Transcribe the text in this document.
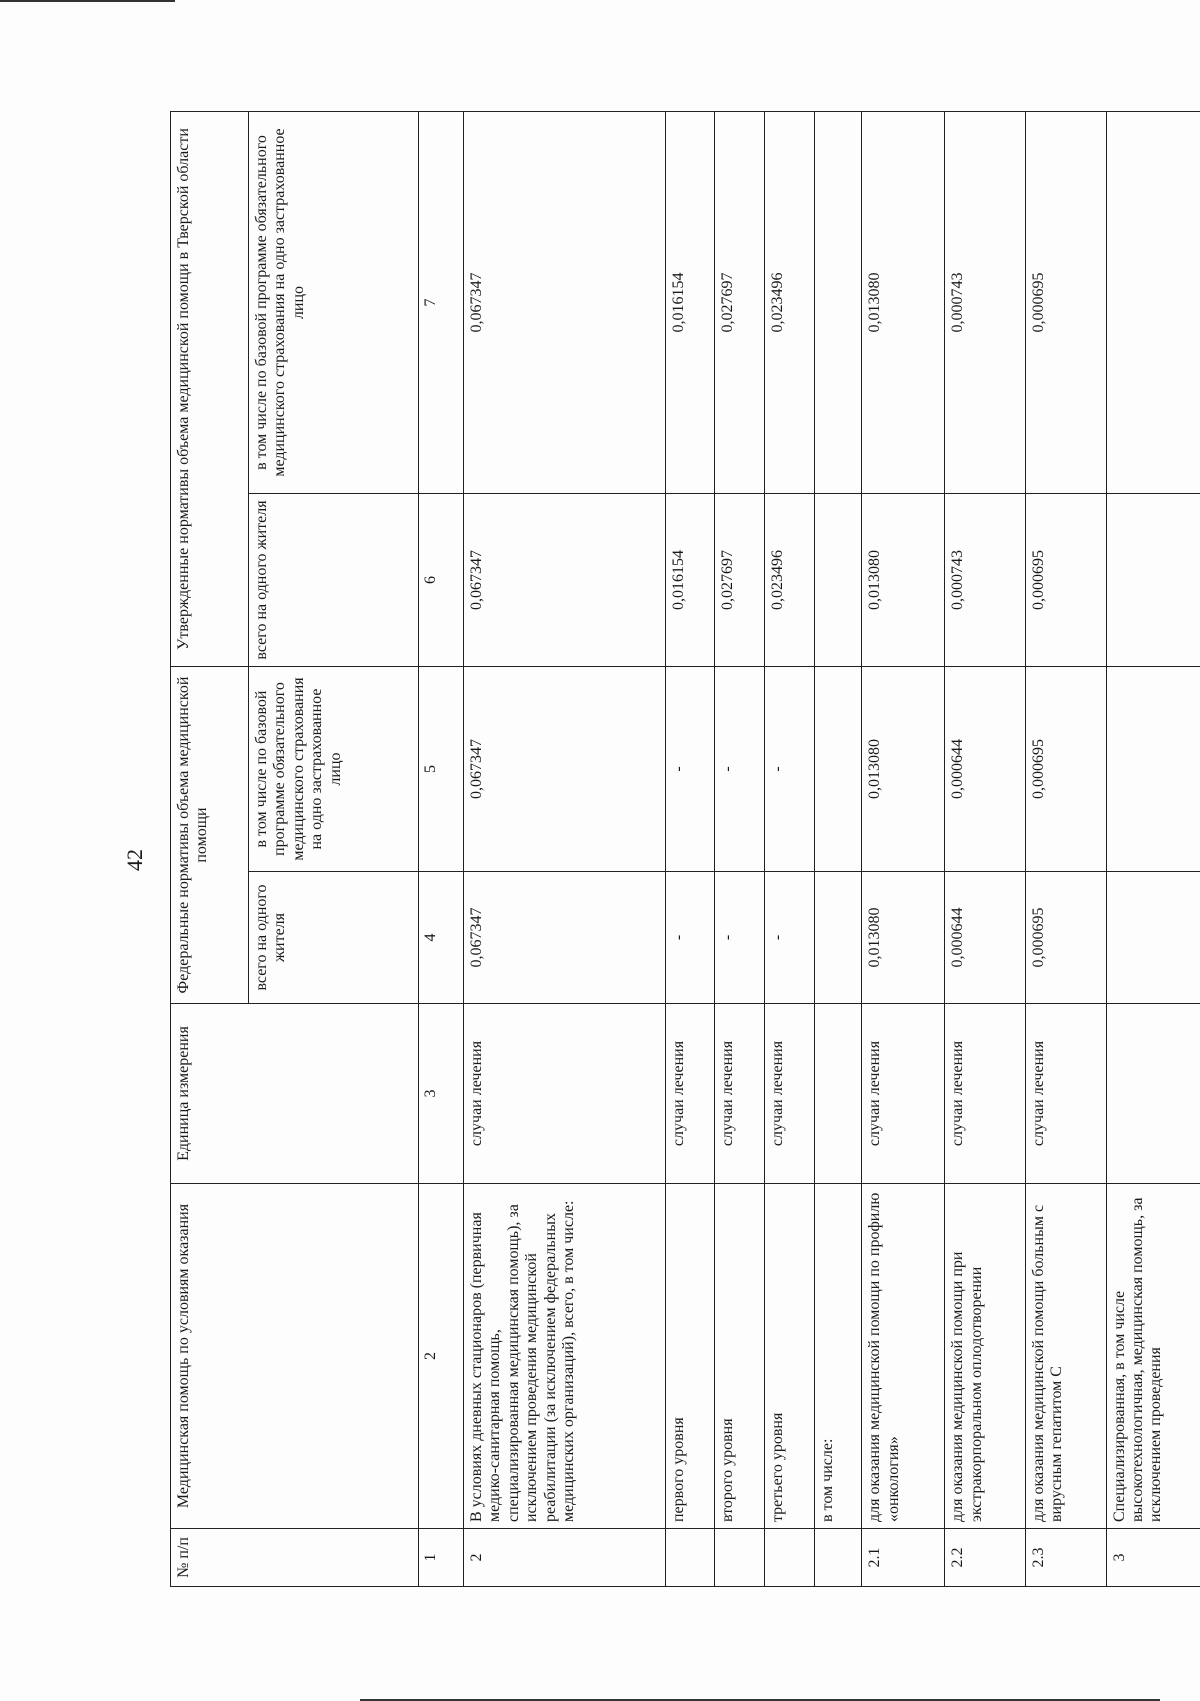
42
№ п/п	Медицинская помощь по условиям оказания	Единица измерения	Федеральные нормативы объема медицинской помощи		Утвержденные нормативы объема медицинской помощи в Тверской области	
			всего на одного жителя	в том числе по базовой программе обязательного медицинского страхования на одно застрахованное лицо	всего на одного жителя	в том числе по базовой программе обязательного медицинского страхования на одно застрахованное лицо
1	2	3	4	5	6	7
2	В условиях дневных стационаров (первичная медико-санитарная помощь, специализированная медицинская помощь), за исключением проведения медицинской реабилитации (за исключением федеральных медицинских организаций), всего, в том числе:	случаи лечения	0,067347	0,067347	0,067347	0,067347
	первого уровня	случаи лечения	-	-	0,016154	0,016154
	второго уровня	случаи лечения	-	-	0,027697	0,027697
	третьего уровня	случаи лечения	-	-	0,023496	0,023496
	в том числе:					
2.1	для оказания медицинской помощи по профилю «онкология»	случаи лечения	0,013080	0,013080	0,013080	0,013080
2.2	для оказания медицинской помощи при экстракорпоральном оплодотворении	случаи лечения	0,000644	0,000644	0,000743	0,000743
2.3	для оказания медицинской помощи больным с вирусным гепатитом С	случаи лечения	0,000695	0,000695	0,000695	0,000695
3	Специализированная, в том числе высокотехнологичная, медицинская помощь, за исключением проведения					
